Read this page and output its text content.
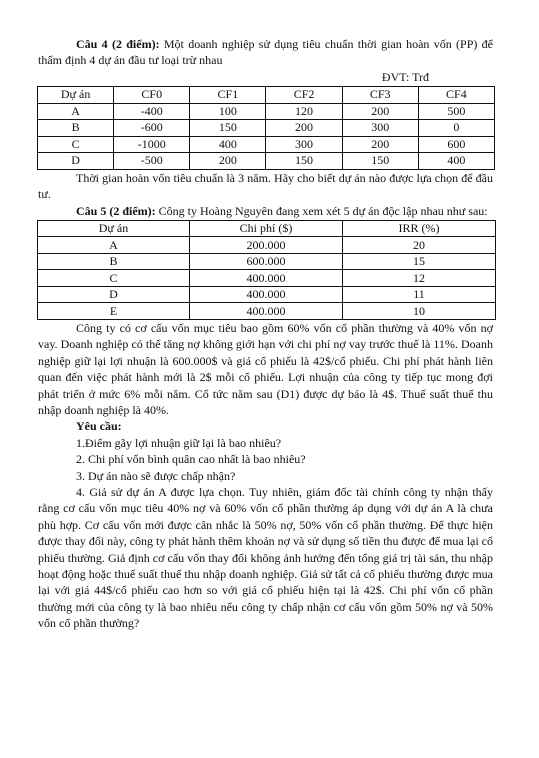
Câu 4 (2 điểm): Một doanh nghiệp sử dụng tiêu chuẩn thời gian hoàn vốn (PP) để thẩm định 4 dự án đầu tư loại trừ nhau

ĐVT: Trđ

Dự án	CF0	CF1	CF2	CF3	CF4
A	-400	100	120	200	500
B	-600	150	200	300	0
C	-1000	400	300	200	600
D	-500	200	150	150	400

Thời gian hoàn vốn tiêu chuẩn là 3 năm. Hãy cho biết dự án nào được lựa chọn để đầu tư.

Câu 5 (2 điểm): Công ty Hoàng Nguyên đang xem xét 5 dự án độc lập nhau như sau:

Dự án	Chi phí ($)	IRR (%)
A	200.000	20
B	600.000	15
C	400.000	12
D	400.000	11
E	400.000	10

Công ty có cơ cấu vốn mục tiêu bao gồm 60% vốn cổ phần thường và 40% vốn nợ vay. Doanh nghiệp có thể tăng nợ không giới hạn với chi phí nợ vay trước thuế là 11%. Doanh nghiệp giữ lại lợi nhuận là 600.000$ và giá cổ phiếu là 42$/cổ phiếu. Chi phí phát hành liên quan đến việc phát hành mới là 2$ mỗi cổ phiếu. Lợi nhuận của công ty tiếp tục mong đợi phát triển ở mức 6% mỗi năm. Cổ tức năm sau (D1) được dự báo là 4$. Thuế suất thuế thu nhập doanh nghiệp là 40%.

Yêu cầu:

1.Điểm gãy lợi nhuận giữ lại là bao nhiêu?

2. Chi phí vốn bình quân cao nhất là bao nhiêu?

3. Dự án nào sẽ được chấp nhận?

4. Giả sử dự án A được lựa chọn. Tuy nhiên, giám đốc tài chính công ty nhận thấy rằng cơ cấu vốn mục tiêu 40% nợ và 60% vốn cổ phần thường áp dụng với dự án A là chưa phù hợp. Cơ cấu vốn mới được cân nhắc là 50% nợ, 50% vốn cổ phần thường. Để thực hiện được thay đổi này, công ty phát hành thêm khoản nợ và sử dụng số tiền thu được để mua lại cổ phiếu thường. Giả định cơ cấu vốn thay đổi không ảnh hưởng đến tổng giá trị tài sản, thu nhập hoạt động hoặc thuế suất thuế thu nhập doanh nghiệp. Giả sử tất cả cổ phiếu thường được mua lại với giá 44$/cổ phiếu cao hơn so với giá cổ phiếu hiện tại là 42$. Chi phí vốn cổ phần thường mới của công ty là bao nhiêu nếu công ty chấp nhận cơ cấu vốn gồm 50% nợ và 50% vốn cổ phần thường?
